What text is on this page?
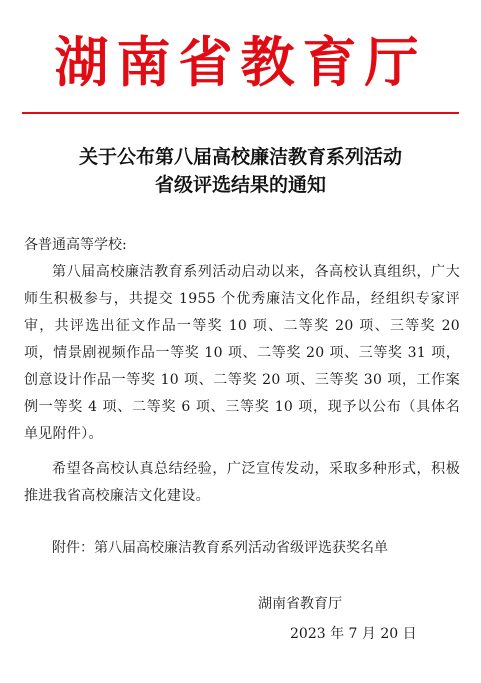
湖南省教育厅
关于公布第八届高校廉洁教育系列活动
省级评选结果的通知
各普通高等学校:
第八届高校廉洁教育系列活动启动以来，各高校认真组织，广大师生积极参与，共提交 1955 个优秀廉洁文化作品，经组织专家评审，共评选出征文作品一等奖 10 项、二等奖 20 项、三等奖 20 项，情景剧视频作品一等奖 10 项、二等奖 20 项、三等奖 31 项，创意设计作品一等奖 10 项、二等奖 20 项、三等奖 30 项，工作案例一等奖 4 项、二等奖 6 项、三等奖 10 项，现予以公布（具体名单见附件）。
希望各高校认真总结经验，广泛宣传发动，采取多种形式，积极推进我省高校廉洁文化建设。
附件：第八届高校廉洁教育系列活动省级评选获奖名单
湖南省教育厅
2023 年 7 月 20 日
